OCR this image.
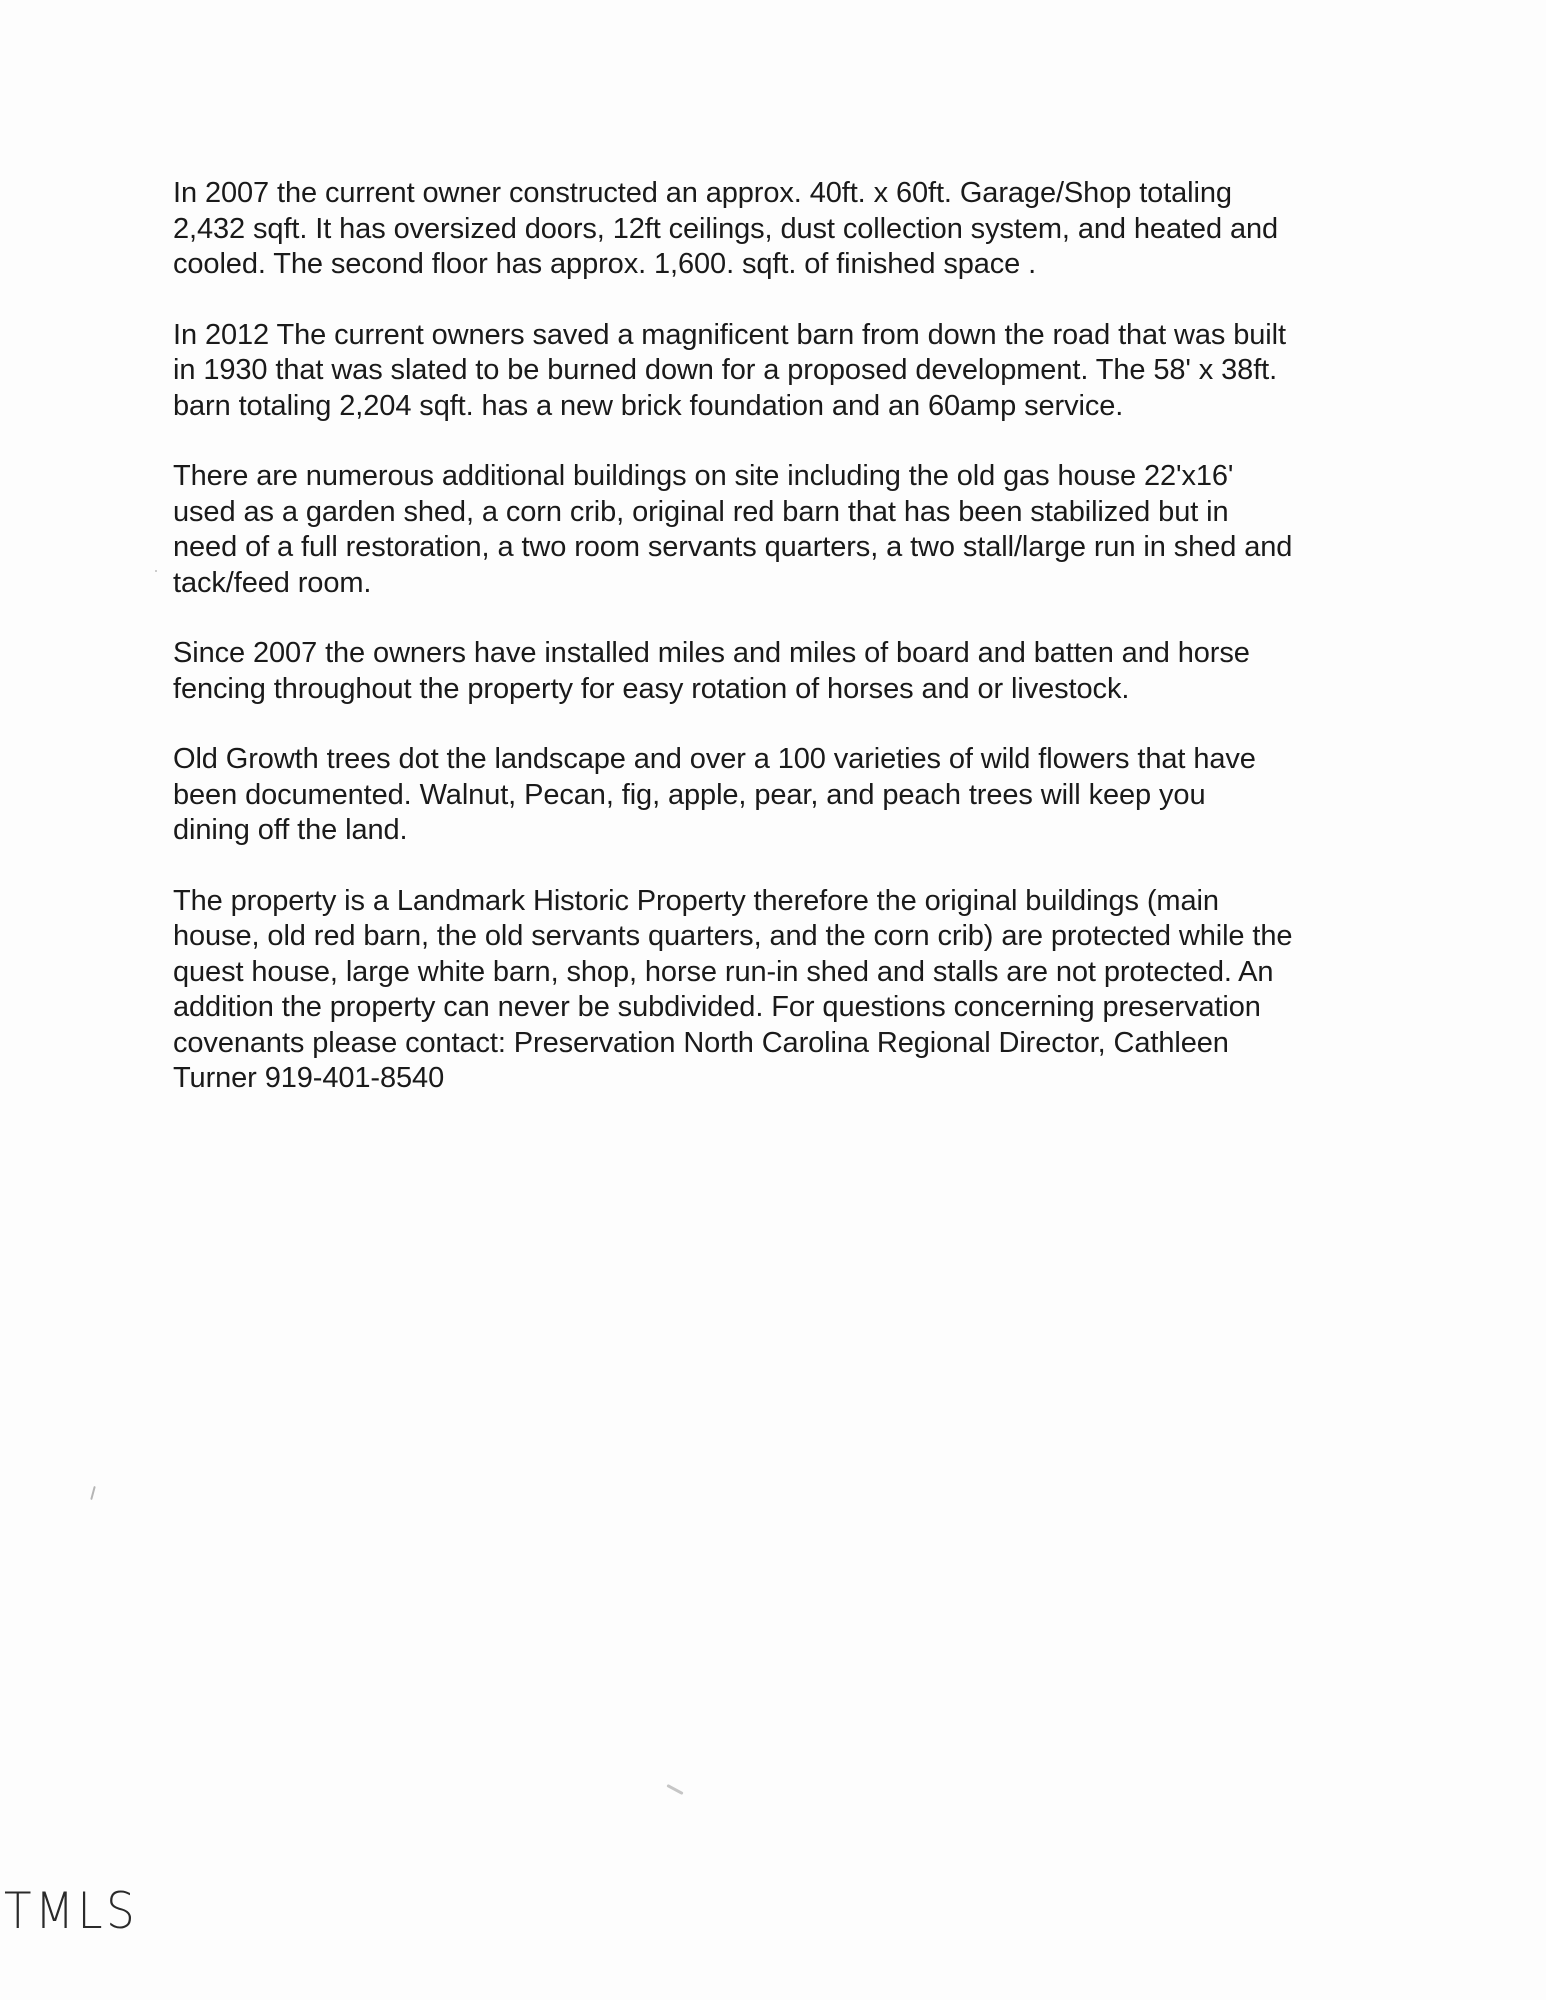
In 2007 the current owner constructed an approx. 40ft. x 60ft. Garage/Shop totaling
2,432 sqft. It has oversized doors, 12ft ceilings, dust collection system, and heated and
cooled. The second floor has approx. 1,600. sqft. of finished space .

In 2012 The current owners saved a magnificent barn from down the road that was built
in 1930 that was slated to be burned down for a proposed development. The 58' x 38ft.
barn totaling 2,204 sqft. has a new brick foundation and an 60amp service.

There are numerous additional buildings on site including the old gas house 22'x16'
used as a garden shed, a corn crib, original red barn that has been stabilized but in
need of a full restoration, a two room servants quarters, a two stall/large run in shed and
tack/feed room.

Since 2007 the owners have installed miles and miles of board and batten and horse
fencing throughout the property for easy rotation of horses and or livestock.

Old Growth trees dot the landscape and over a 100 varieties of wild flowers that have
been documented. Walnut, Pecan, fig, apple, pear, and peach trees will keep you
dining off the land.

The property is a Landmark Historic Property therefore the original buildings (main
house, old red barn, the old servants quarters, and the corn crib) are protected while the
quest house, large white barn, shop, horse run-in shed and stalls are not protected. An
addition the property can never be subdivided. For questions concerning preservation
covenants please contact: Preservation North Carolina Regional Director, Cathleen
Turner 919-401-8540

TMLS
